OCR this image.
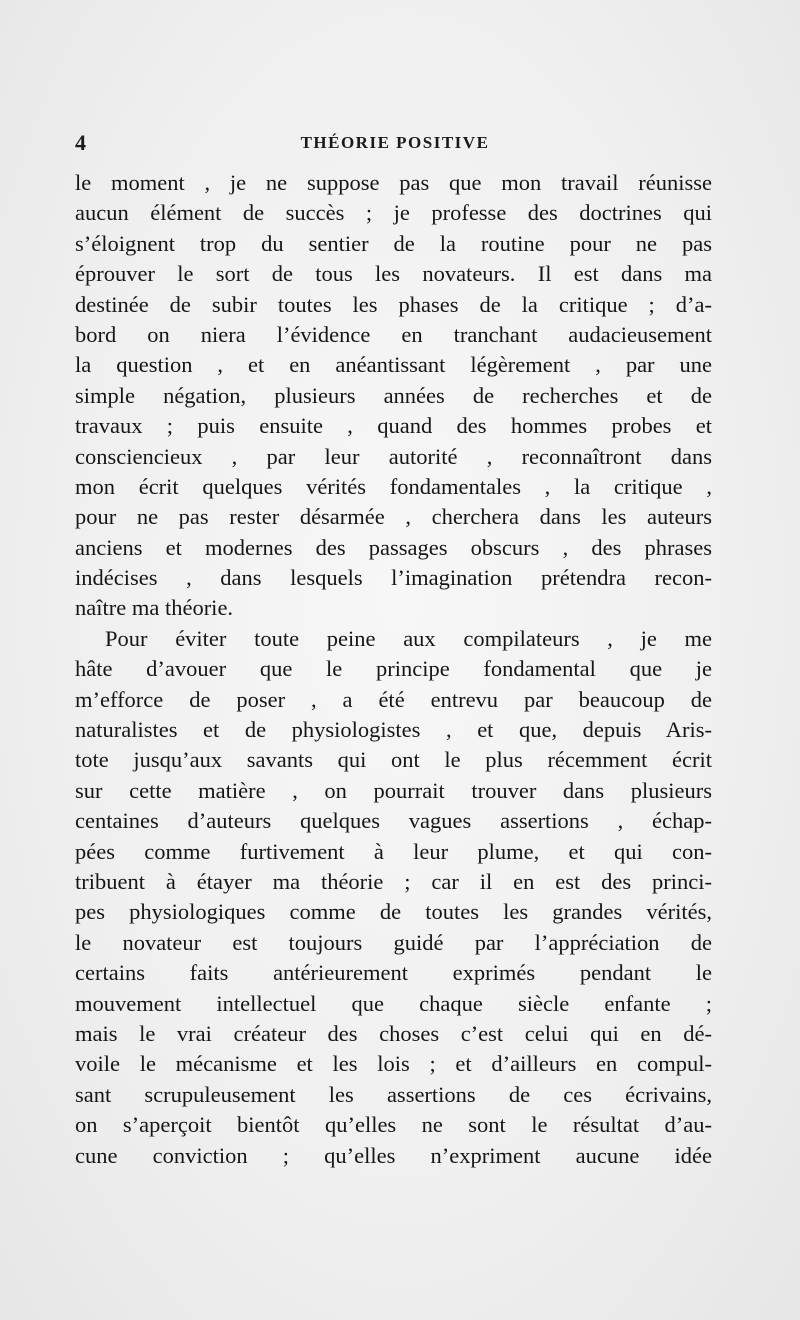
4	THÉORIE POSITIVE
le moment , je ne suppose pas que mon travail réunisse
aucun élément de succès ; je professe des doctrines qui
s’éloignent trop du sentier de la routine pour ne pas
éprouver le sort de tous les novateurs. Il est dans ma
destinée de subir toutes les phases de la critique ; d’a-
bord on niera l’évidence en tranchant audacieusement
la question , et en anéantissant légèrement , par une
simple négation, plusieurs années de recherches et de
travaux ; puis ensuite , quand des hommes probes et
consciencieux , par leur autorité , reconnaîtront dans
mon écrit quelques vérités fondamentales , la critique ,
pour ne pas rester désarmée , cherchera dans les auteurs
anciens et modernes des passages obscurs , des phrases
indécises , dans lesquels l’imagination prétendra recon-
naître ma théorie.
Pour éviter toute peine aux compilateurs , je me
hâte d’avouer que le principe fondamental que je
m’efforce de poser , a été entrevu par beaucoup de
naturalistes et de physiologistes , et que, depuis Aris-
tote jusqu’aux savants qui ont le plus récemment écrit
sur cette matière , on pourrait trouver dans plusieurs
centaines d’auteurs quelques vagues assertions , échap-
pées comme furtivement à leur plume, et qui con-
tribuent à étayer ma théorie ; car il en est des princi-
pes physiologiques comme de toutes les grandes vérités,
le novateur est toujours guidé par l’appréciation de
certains faits antérieurement exprimés pendant le
mouvement intellectuel que chaque siècle enfante ;
mais le vrai créateur des choses c’est celui qui en dé-
voile le mécanisme et les lois ; et d’ailleurs en compul-
sant scrupuleusement les assertions de ces écrivains,
on s’aperçoit bientôt qu’elles ne sont le résultat d’au-
cune conviction ; qu’elles n’expriment aucune idée
